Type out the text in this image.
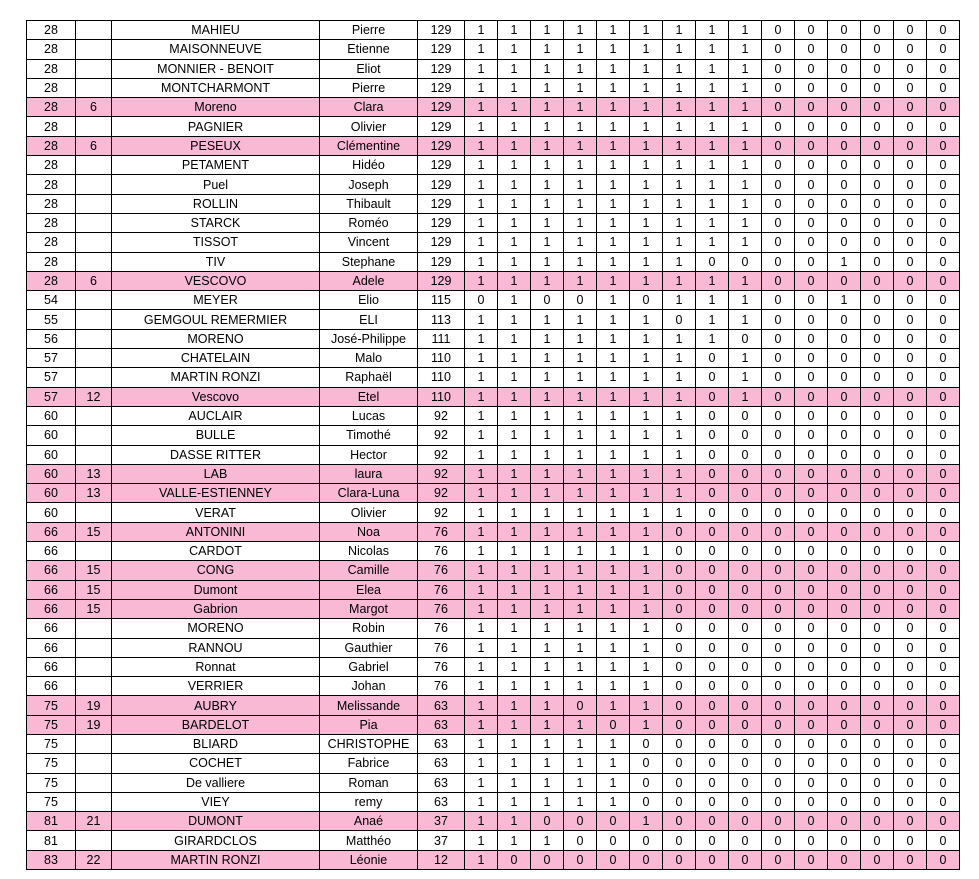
28		MAHIEU	Pierre	129	1	1	1	1	1	1	1	1	1	0	0	0	0	0	0
28		MAISONNEUVE	Etienne	129	1	1	1	1	1	1	1	1	1	0	0	0	0	0	0
28		MONNIER - BENOIT	Eliot	129	1	1	1	1	1	1	1	1	1	0	0	0	0	0	0
28		MONTCHARMONT	Pierre	129	1	1	1	1	1	1	1	1	1	0	0	0	0	0	0
28	6	Moreno	Clara	129	1	1	1	1	1	1	1	1	1	0	0	0	0	0	0
28		PAGNIER	Olivier	129	1	1	1	1	1	1	1	1	1	0	0	0	0	0	0
28	6	PESEUX	Clémentine	129	1	1	1	1	1	1	1	1	1	0	0	0	0	0	0
28		PETAMENT	Hidéo	129	1	1	1	1	1	1	1	1	1	0	0	0	0	0	0
28		Puel	Joseph	129	1	1	1	1	1	1	1	1	1	0	0	0	0	0	0
28		ROLLIN	Thibault	129	1	1	1	1	1	1	1	1	1	0	0	0	0	0	0
28		STARCK	Roméo	129	1	1	1	1	1	1	1	1	1	0	0	0	0	0	0
28		TISSOT	Vincent	129	1	1	1	1	1	1	1	1	1	0	0	0	0	0	0
28		TIV	Stephane	129	1	1	1	1	1	1	1	0	0	0	0	1	0	0	0
28	6	VESCOVO	Adele	129	1	1	1	1	1	1	1	1	1	0	0	0	0	0	0
54		MEYER	Elio	115	0	1	0	0	1	0	1	1	1	0	0	1	0	0	0
55		GEMGOUL REMERMIER	ELI	113	1	1	1	1	1	1	0	1	1	0	0	0	0	0	0
56		MORENO	José-Philippe	111	1	1	1	1	1	1	1	1	0	0	0	0	0	0	0
57		CHATELAIN	Malo	110	1	1	1	1	1	1	1	0	1	0	0	0	0	0	0
57		MARTIN RONZI	Raphaël	110	1	1	1	1	1	1	1	0	1	0	0	0	0	0	0
57	12	Vescovo	Etel	110	1	1	1	1	1	1	1	0	1	0	0	0	0	0	0
60		AUCLAIR	Lucas	92	1	1	1	1	1	1	1	0	0	0	0	0	0	0	0
60		BULLE	Timothé	92	1	1	1	1	1	1	1	0	0	0	0	0	0	0	0
60		DASSE RITTER	Hector	92	1	1	1	1	1	1	1	0	0	0	0	0	0	0	0
60	13	LAB	laura	92	1	1	1	1	1	1	1	0	0	0	0	0	0	0	0
60	13	VALLE-ESTIENNEY	Clara-Luna	92	1	1	1	1	1	1	1	0	0	0	0	0	0	0	0
60		VERAT	Olivier	92	1	1	1	1	1	1	1	0	0	0	0	0	0	0	0
66	15	ANTONINI	Noa	76	1	1	1	1	1	1	0	0	0	0	0	0	0	0	0
66		CARDOT	Nicolas	76	1	1	1	1	1	1	0	0	0	0	0	0	0	0	0
66	15	CONG	Camille	76	1	1	1	1	1	1	0	0	0	0	0	0	0	0	0
66	15	Dumont	Elea	76	1	1	1	1	1	1	0	0	0	0	0	0	0	0	0
66	15	Gabrion	Margot	76	1	1	1	1	1	1	0	0	0	0	0	0	0	0	0
66		MORENO	Robin	76	1	1	1	1	1	1	0	0	0	0	0	0	0	0	0
66		RANNOU	Gauthier	76	1	1	1	1	1	1	0	0	0	0	0	0	0	0	0
66		Ronnat	Gabriel	76	1	1	1	1	1	1	0	0	0	0	0	0	0	0	0
66		VERRIER	Johan	76	1	1	1	1	1	1	0	0	0	0	0	0	0	0	0
75	19	AUBRY	Melissande	63	1	1	1	0	1	1	0	0	0	0	0	0	0	0	0
75	19	BARDELOT	Pia	63	1	1	1	1	0	1	0	0	0	0	0	0	0	0	0
75		BLIARD	CHRISTOPHE	63	1	1	1	1	1	0	0	0	0	0	0	0	0	0	0
75		COCHET	Fabrice	63	1	1	1	1	1	0	0	0	0	0	0	0	0	0	0
75		De valliere	Roman	63	1	1	1	1	1	0	0	0	0	0	0	0	0	0	0
75		VIEY	remy	63	1	1	1	1	1	0	0	0	0	0	0	0	0	0	0
81	21	DUMONT	Anaé	37	1	1	0	0	0	1	0	0	0	0	0	0	0	0	0
81		GIRARDCLOS	Matthéo	37	1	1	1	0	0	0	0	0	0	0	0	0	0	0	0
83	22	MARTIN RONZI	Léonie	12	1	0	0	0	0	0	0	0	0	0	0	0	0	0	0
